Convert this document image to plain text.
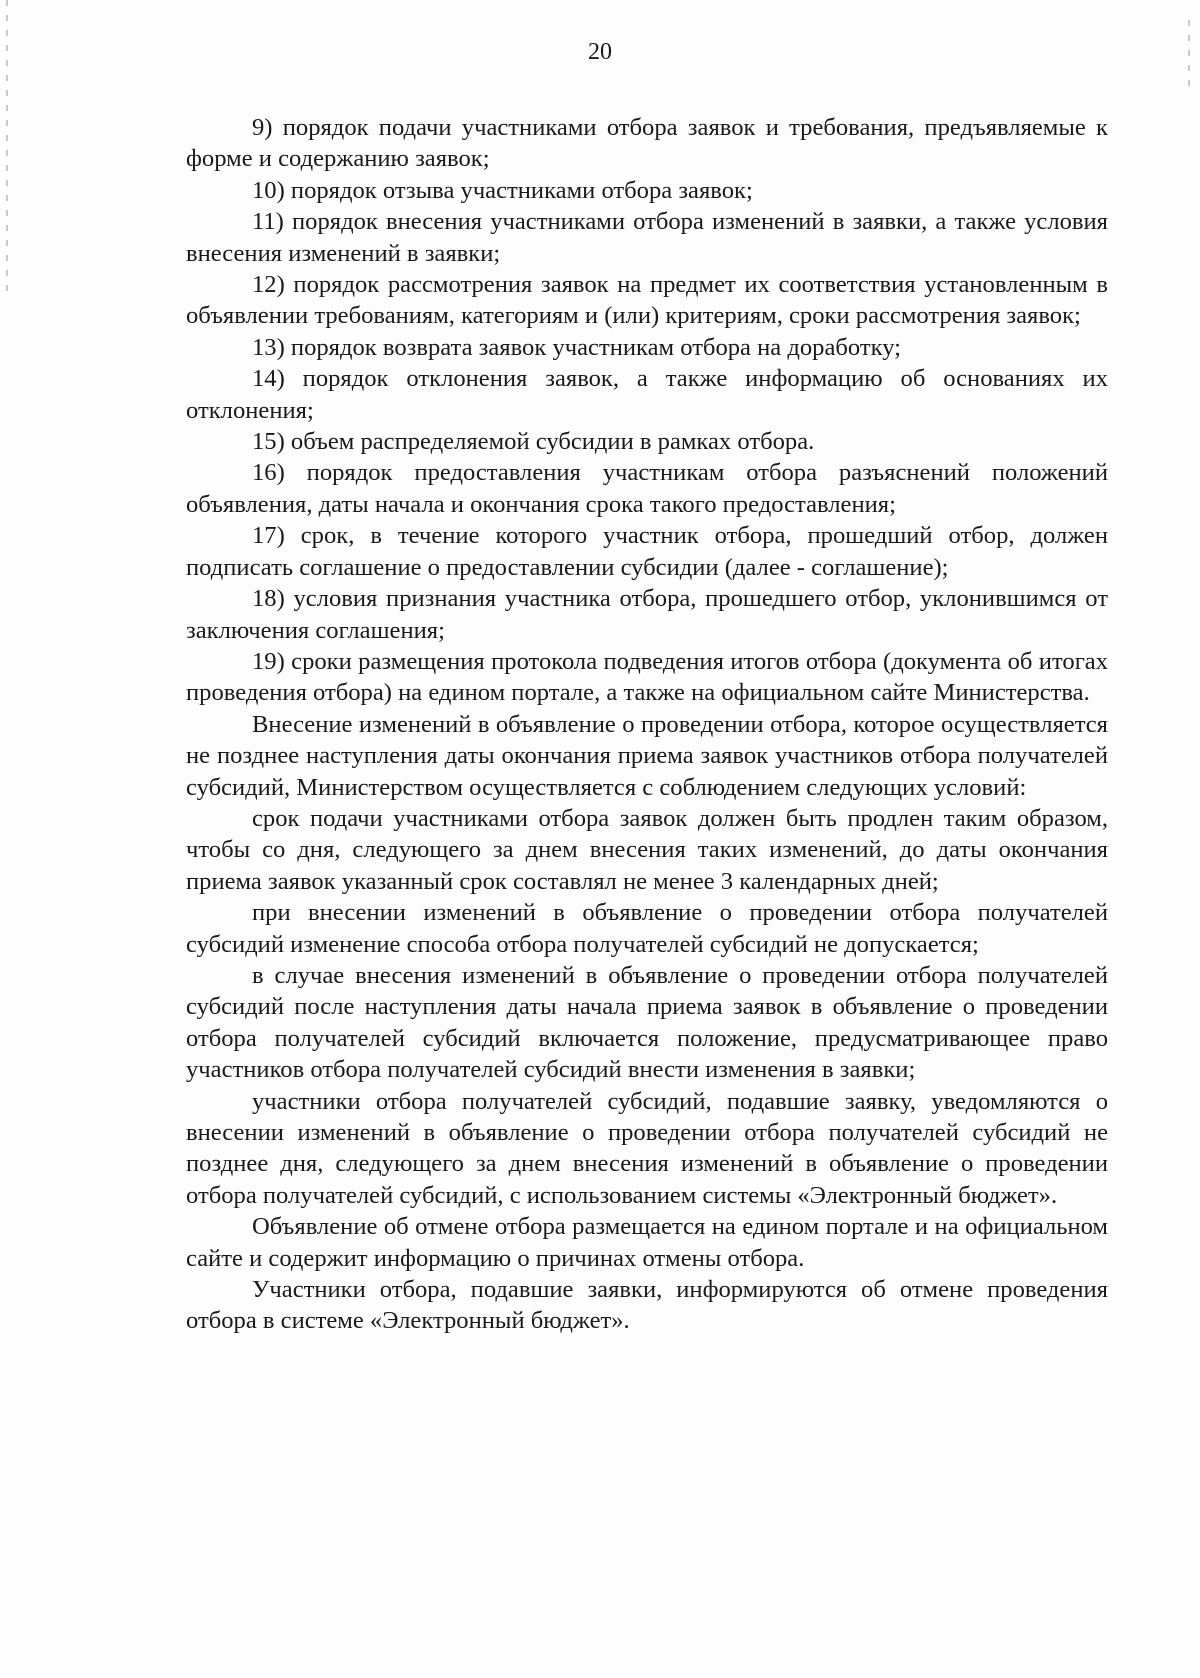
20

9) порядок подачи участниками отбора заявок и требования, предъявляемые к форме и содержанию заявок;

10) порядок отзыва участниками отбора заявок;

11) порядок внесения участниками отбора изменений в заявки, а также условия внесения изменений в заявки;

12) порядок рассмотрения заявок на предмет их соответствия установленным в объявлении требованиям, категориям и (или) критериям, сроки рассмотрения заявок;

13) порядок возврата заявок участникам отбора на доработку;

14) порядок отклонения заявок, а также информацию об основаниях их отклонения;

15) объем распределяемой субсидии в рамках отбора.

16) порядок предоставления участникам отбора разъяснений положений объявления, даты начала и окончания срока такого предоставления;

17) срок, в течение которого участник отбора, прошедший отбор, должен подписать соглашение о предоставлении субсидии (далее - соглашение);

18) условия признания участника отбора, прошедшего отбор, уклонившимся от заключения соглашения;

19) сроки размещения протокола подведения итогов отбора (документа об итогах проведения отбора) на едином портале, а также на официальном сайте Министерства.

Внесение изменений в объявление о проведении отбора, которое осуществляется не позднее наступления даты окончания приема заявок участников отбора получателей субсидий, Министерством осуществляется с соблюдением следующих условий:

срок подачи участниками отбора заявок должен быть продлен таким образом, чтобы со дня, следующего за днем внесения таких изменений, до даты окончания приема заявок указанный срок составлял не менее 3 календарных дней;

при внесении изменений в объявление о проведении отбора получателей субсидий изменение способа отбора получателей субсидий не допускается;

в случае внесения изменений в объявление о проведении отбора получателей субсидий после наступления даты начала приема заявок в объявление о проведении отбора получателей субсидий включается положение, предусматривающее право участников отбора получателей субсидий внести изменения в заявки;

участники отбора получателей субсидий, подавшие заявку, уведомляются о внесении изменений в объявление о проведении отбора получателей субсидий не позднее дня, следующего за днем внесения изменений в объявление о проведении отбора получателей субсидий, с использованием системы «Электронный бюджет».

Объявление об отмене отбора размещается на едином портале и на официальном сайте и содержит информацию о причинах отмены отбора.

Участники отбора, подавшие заявки, информируются об отмене проведения отбора в системе «Электронный бюджет».
